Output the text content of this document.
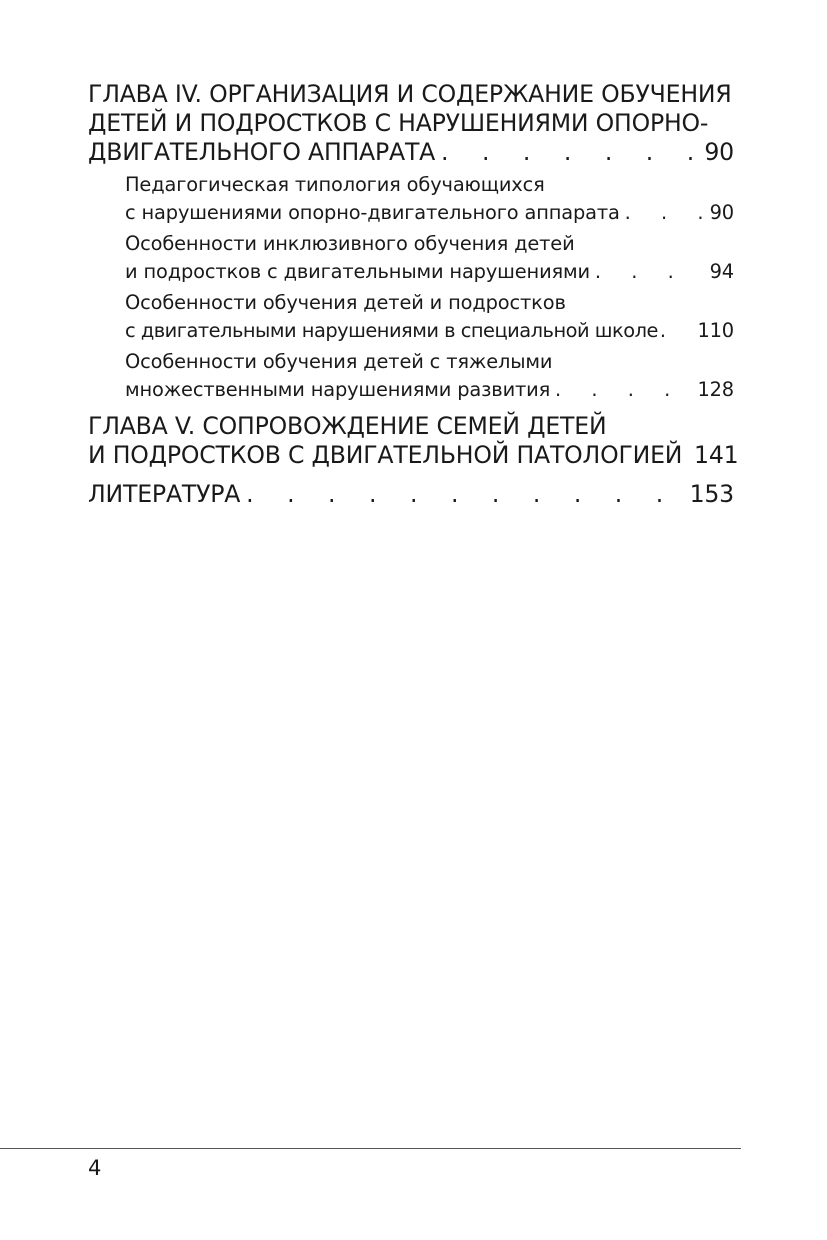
ГЛАВА IV. ОРГАНИЗАЦИЯ И СОДЕРЖАНИЕ ОБУЧЕНИЯ
ДЕТЕЙ И ПОДРОСТКОВ С НАРУШЕНИЯМИ ОПОРНО-
ДВИГАТЕЛЬНОГО АППАРАТА . . .	90
Педагогическая типология обучающихся
с нарушениями опорно-двигательного аппарата . . .	90
Особенности инклюзивного обучения детей
и подростков с двигательными нарушениями . . .	94
Особенности обучения детей и подростков
с двигательными нарушениями в специальной школе . . . 110
Особенности обучения детей с тяжелыми
множественными нарушениями развития . . .	128
ГЛАВА V. СОПРОВОЖДЕНИЕ СЕМЕЙ ДЕТЕЙ
И ПОДРОСТКОВ С ДВИГАТЕЛЬНОЙ ПАТОЛОГИЕЙ 141
ЛИТЕРАТУРА . . .	153
4
